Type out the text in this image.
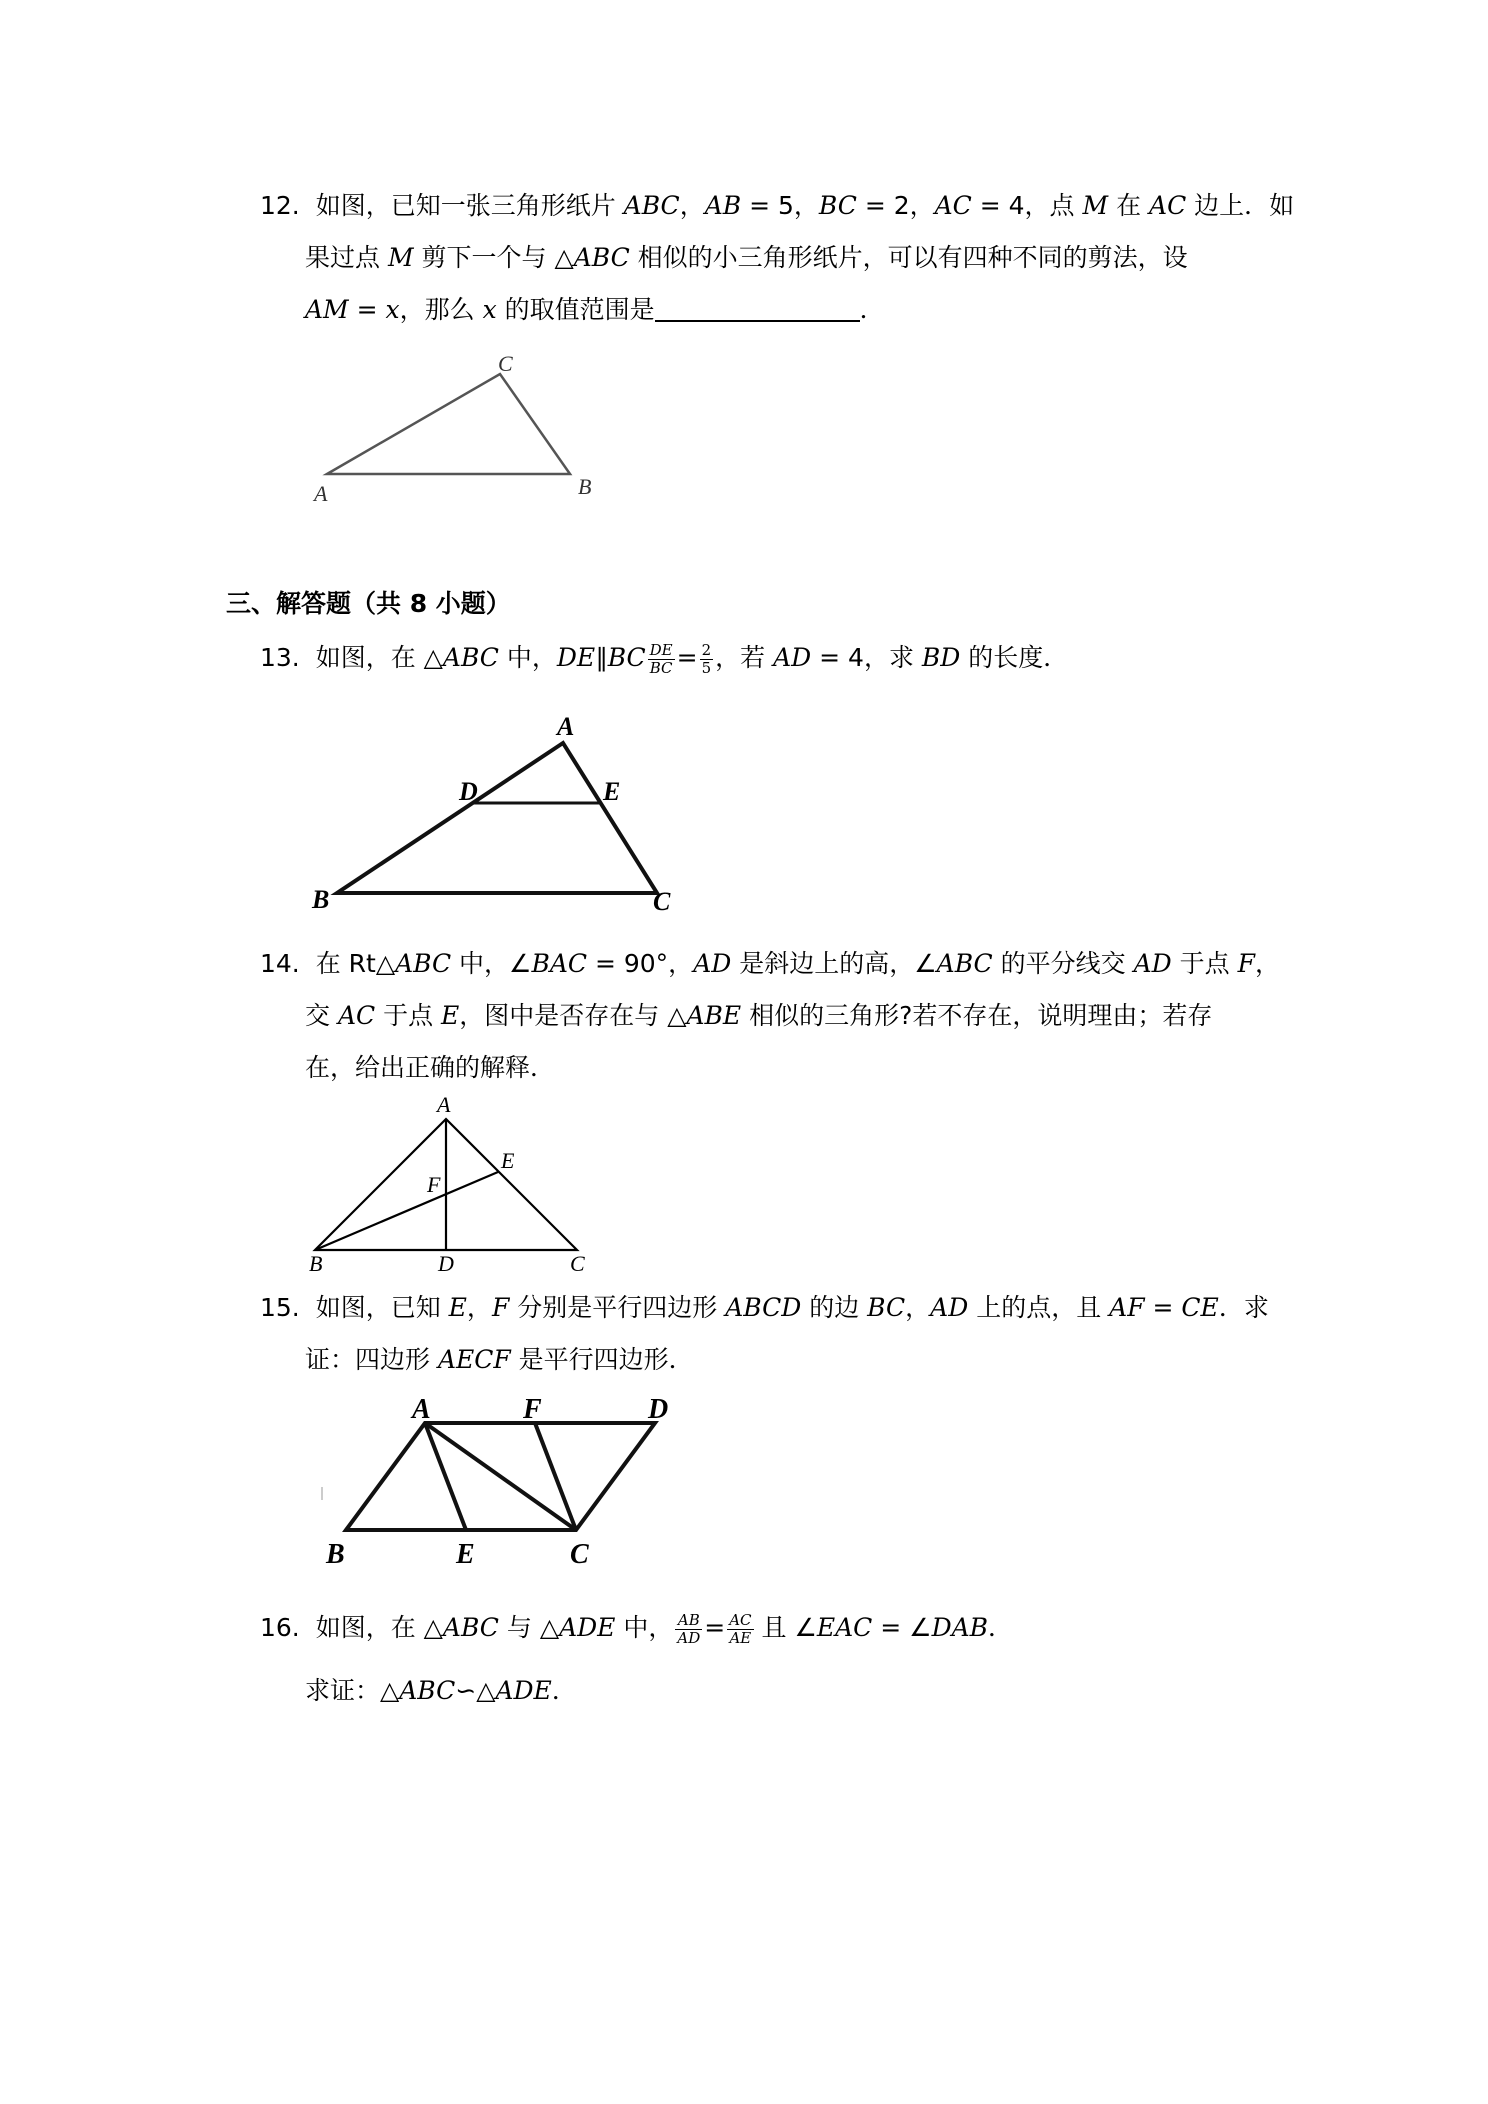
12. 如图，已知一张三角形纸片 ABC，AB = 5，BC = 2，AC = 4，点 M 在 AC 边上．如
果过点 M 剪下一个与 △ABC 相似的小三角形纸片，可以有四种不同的剪法，设
AM = x，那么 x 的取值范围是	．
A	B
C
三、解答题（共 8 小题）
13. 如图，在 △ABC 中，DE∥BC $\frac{DE}{BC} = \frac{2}{5}$ ，若 AD = 4，求 BD 的长度．
A
B	C
D	E
14. 在 Rt△ABC 中，∠BAC = 90°，AD 是斜边上的高，∠ABC 的平分线交 AD 于点 F，
交 AC 于点 E，图中是否存在与 △ABE 相似的三角形?若不存在，说明理由；若存
在，给出正确的解释．
A
B	C
D
E
F
15. 如图，已知 E，F 分别是平行四边形 ABCD 的边 BC，AD 上的点，且 AF = CE．求
证：四边形 AECF 是平行四边形．
A	F	D
B	E	C
16. 如图，在 △ABC 与 △ADE 中， $\frac{AB}{AD} = \frac{AC}{AE}$ 且 ∠EAC = ∠DAB．
求证：△ABC∽△ADE．
